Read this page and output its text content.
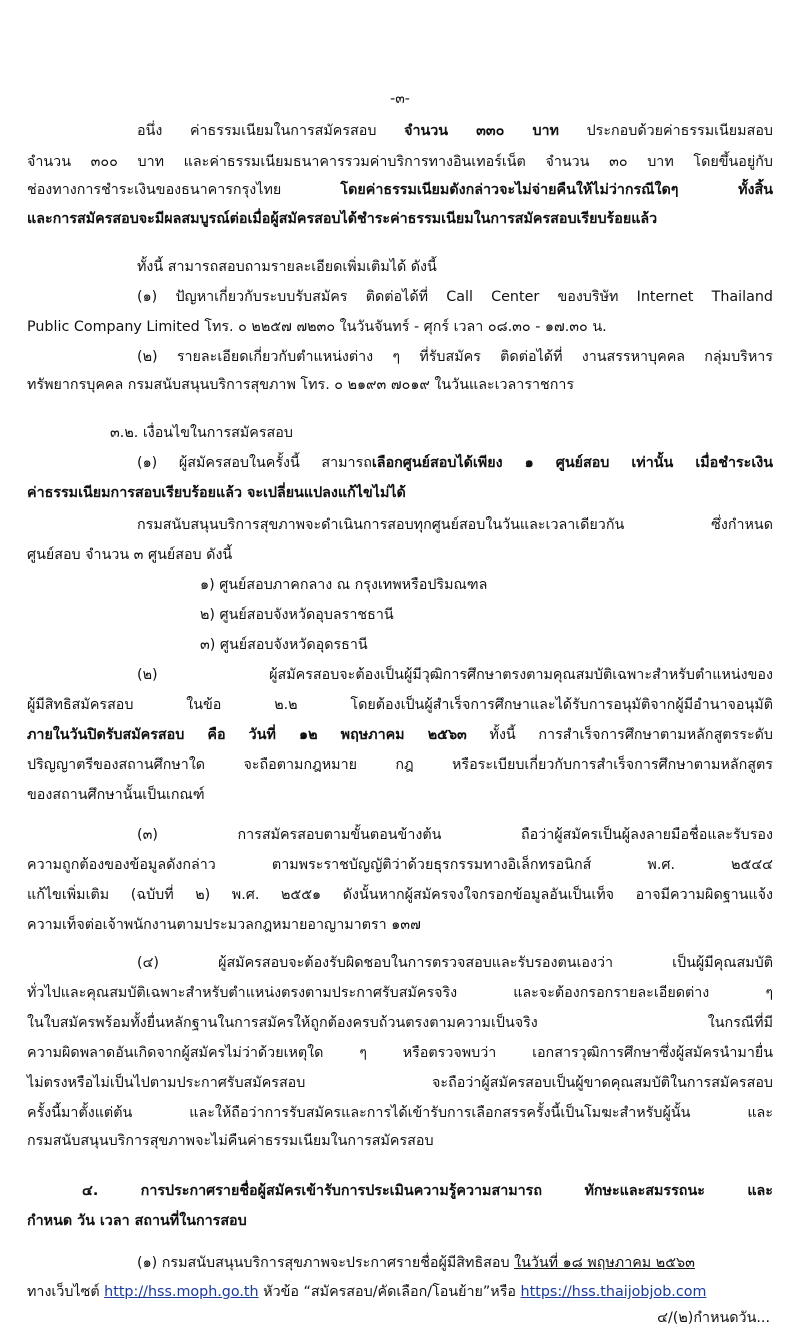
-๓-
อนึ่ง ค่าธรรมเนียมในการสมัครสอบ จำนวน ๓๓๐ บาท ประกอบด้วยค่าธรรมเนียมสอบ
จำนวน ๓๐๐ บาท และค่าธรรมเนียมธนาคารรวมค่าบริการทางอินเทอร์เน็ต จำนวน ๓๐ บาท โดยขึ้นอยู่กับ
ช่องทางการชำระเงินของธนาคารกรุงไทย โดยค่าธรรมเนียมดังกล่าวจะไม่จ่ายคืนให้ไม่ว่ากรณีใดๆ ทั้งสิ้น
และการสมัครสอบจะมีผลสมบูรณ์ต่อเมื่อผู้สมัครสอบได้ชำระค่าธรรมเนียมในการสมัครสอบเรียบร้อยแล้ว
ทั้งนี้ สามารถสอบถามรายละเอียดเพิ่มเติมได้ ดังนี้
(๑) ปัญหาเกี่ยวกับระบบรับสมัคร ติดต่อได้ที่ Call Center ของบริษัท Internet Thailand
Public Company Limited โทร. ๐ ๒๒๕๗ ๗๒๓๐ ในวันจันทร์ - ศุกร์ เวลา ๐๘.๓๐ - ๑๗.๓๐ น.
(๒) รายละเอียดเกี่ยวกับตำแหน่งต่าง ๆ ที่รับสมัคร ติดต่อได้ที่ งานสรรหาบุคคล กลุ่มบริหาร
ทรัพยากรบุคคล กรมสนับสนุนบริการสุขภาพ โทร. ๐ ๒๑๙๓ ๗๐๑๙ ในวันและเวลาราชการ
๓.๒. เงื่อนไขในการสมัครสอบ
(๑) ผู้สมัครสอบในครั้งนี้ สามารถเลือกศูนย์สอบได้เพียง ๑ ศูนย์สอบ เท่านั้น เมื่อชำระเงิน
ค่าธรรมเนียมการสอบเรียบร้อยแล้ว จะเปลี่ยนแปลงแก้ไขไม่ได้
กรมสนับสนุนบริการสุขภาพจะดำเนินการสอบทุกศูนย์สอบในวันและเวลาเดียวกัน ซึ่งกำหนด
ศูนย์สอบ จำนวน ๓ ศูนย์สอบ ดังนี้
๑) ศูนย์สอบภาคกลาง ณ กรุงเทพหรือปริมณฑล
๒) ศูนย์สอบจังหวัดอุบลราชธานี
๓) ศูนย์สอบจังหวัดอุดรธานี
(๒) ผู้สมัครสอบจะต้องเป็นผู้มีวุฒิการศึกษาตรงตามคุณสมบัติเฉพาะสำหรับตำแหน่งของ
ผู้มีสิทธิสมัครสอบ ในข้อ ๒.๒ โดยต้องเป็นผู้สำเร็จการศึกษาและได้รับการอนุมัติจากผู้มีอำนาจอนุมัติ
ภายในวันปิดรับสมัครสอบ คือ วันที่ ๑๒ พฤษภาคม ๒๕๖๓ ทั้งนี้ การสำเร็จการศึกษาตามหลักสูตรระดับ
ปริญญาตรีของสถานศึกษาใด จะถือตามกฎหมาย กฎ หรือระเบียบเกี่ยวกับการสำเร็จการศึกษาตามหลักสูตร
ของสถานศึกษานั้นเป็นเกณฑ์
(๓) การสมัครสอบตามขั้นตอนข้างต้น ถือว่าผู้สมัครเป็นผู้ลงลายมือชื่อและรับรอง
ความถูกต้องของข้อมูลดังกล่าว ตามพระราชบัญญัติว่าด้วยธุรกรรมทางอิเล็กทรอนิกส์ พ.ศ. ๒๕๔๔
แก้ไขเพิ่มเติม (ฉบับที่ ๒) พ.ศ. ๒๕๕๑ ดังนั้นหากผู้สมัครจงใจกรอกข้อมูลอันเป็นเท็จ อาจมีความผิดฐานแจ้ง
ความเท็จต่อเจ้าพนักงานตามประมวลกฎหมายอาญามาตรา ๑๓๗
(๔) ผู้สมัครสอบจะต้องรับผิดชอบในการตรวจสอบและรับรองตนเองว่า เป็นผู้มีคุณสมบัติ
ทั่วไปและคุณสมบัติเฉพาะสำหรับตำแหน่งตรงตามประกาศรับสมัครจริง และจะต้องกรอกรายละเอียดต่าง ๆ
ในใบสมัครพร้อมทั้งยื่นหลักฐานในการสมัครให้ถูกต้องครบถ้วนตรงตามความเป็นจริง ในกรณีที่มี
ความผิดพลาดอันเกิดจากผู้สมัครไม่ว่าด้วยเหตุใด ๆ หรือตรวจพบว่า เอกสารวุฒิการศึกษาซึ่งผู้สมัครนำมายื่น
ไม่ตรงหรือไม่เป็นไปตามประกาศรับสมัครสอบ จะถือว่าผู้สมัครสอบเป็นผู้ขาดคุณสมบัติในการสมัครสอบ
ครั้งนี้มาตั้งแต่ต้น และให้ถือว่าการรับสมัครและการได้เข้ารับการเลือกสรรครั้งนี้เป็นโมฆะสำหรับผู้นั้น และ
กรมสนับสนุนบริการสุขภาพจะไม่คืนค่าธรรมเนียมในการสมัครสอบ
๔. การประกาศรายชื่อผู้สมัครเข้ารับการประเมินความรู้ความสามารถ ทักษะและสมรรถนะ และ
กำหนด วัน เวลา สถานที่ในการสอบ
(๑) กรมสนับสนุนบริการสุขภาพจะประกาศรายชื่อผู้มีสิทธิสอบ ในวันที่ ๑๘ พฤษภาคม ๒๕๖๓
ทางเว็บไซต์ http://hss.moph.go.th หัวข้อ “สมัครสอบ/คัดเลือก/โอนย้าย”หรือ https://hss.thaijobjob.com
๔/(๒)กำหนดวัน...
